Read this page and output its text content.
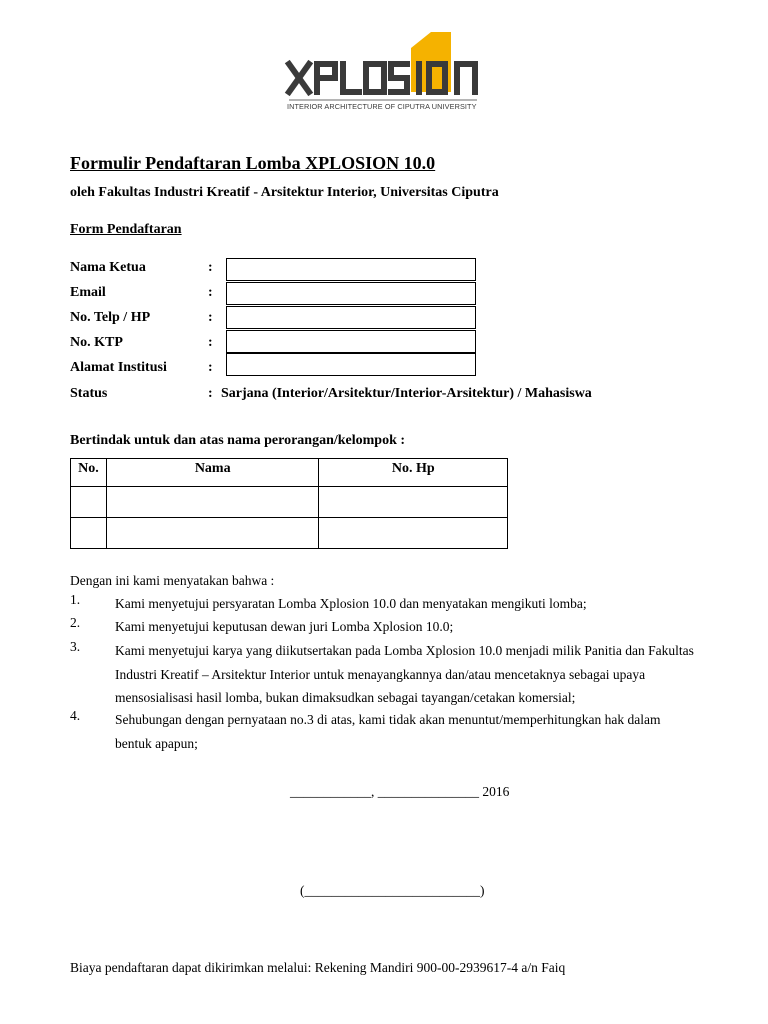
INTERIOR ARCHITECTURE OF CIPUTRA UNIVERSITY
Formulir Pendaftaran Lomba XPLOSION 10.0
oleh Fakultas Industri Kreatif - Arsitektur Interior, Universitas Ciputra
Form Pendaftaran
Nama Ketua	:
Email	:
No. Telp / HP	:
No. KTP	:
Alamat Institusi	:
Status	: Sarjana (Interior/Arsitektur/Interior-Arsitektur) / Mahasiswa
Bertindak untuk dan atas nama perorangan/kelompok :
No.	Nama	No. Hp

Dengan ini kami menyatakan bahwa :
1.	Kami menyetujui persyaratan Lomba Xplosion 10.0 dan menyatakan mengikuti lomba;
2.	Kami menyetujui keputusan dewan juri Lomba Xplosion 10.0;
3.	Kami menyetujui karya yang diikutsertakan pada Lomba Xplosion 10.0 menjadi milik Panitia dan Fakultas Industri Kreatif – Arsitektur Interior untuk menayangkannya dan/atau mencetaknya sebagai upaya mensosialisasi hasil lomba, bukan dimaksudkan sebagai tayangan/cetakan komersial;
4.	Sehubungan dengan pernyataan no.3 di atas, kami tidak akan menuntut/memperhitungkan hak dalam bentuk apapun;
____________, _______________ 2016
(__________________________)
Biaya pendaftaran dapat dikirimkan melalui: Rekening Mandiri 900-00-2939617-4 a/n Faiq
